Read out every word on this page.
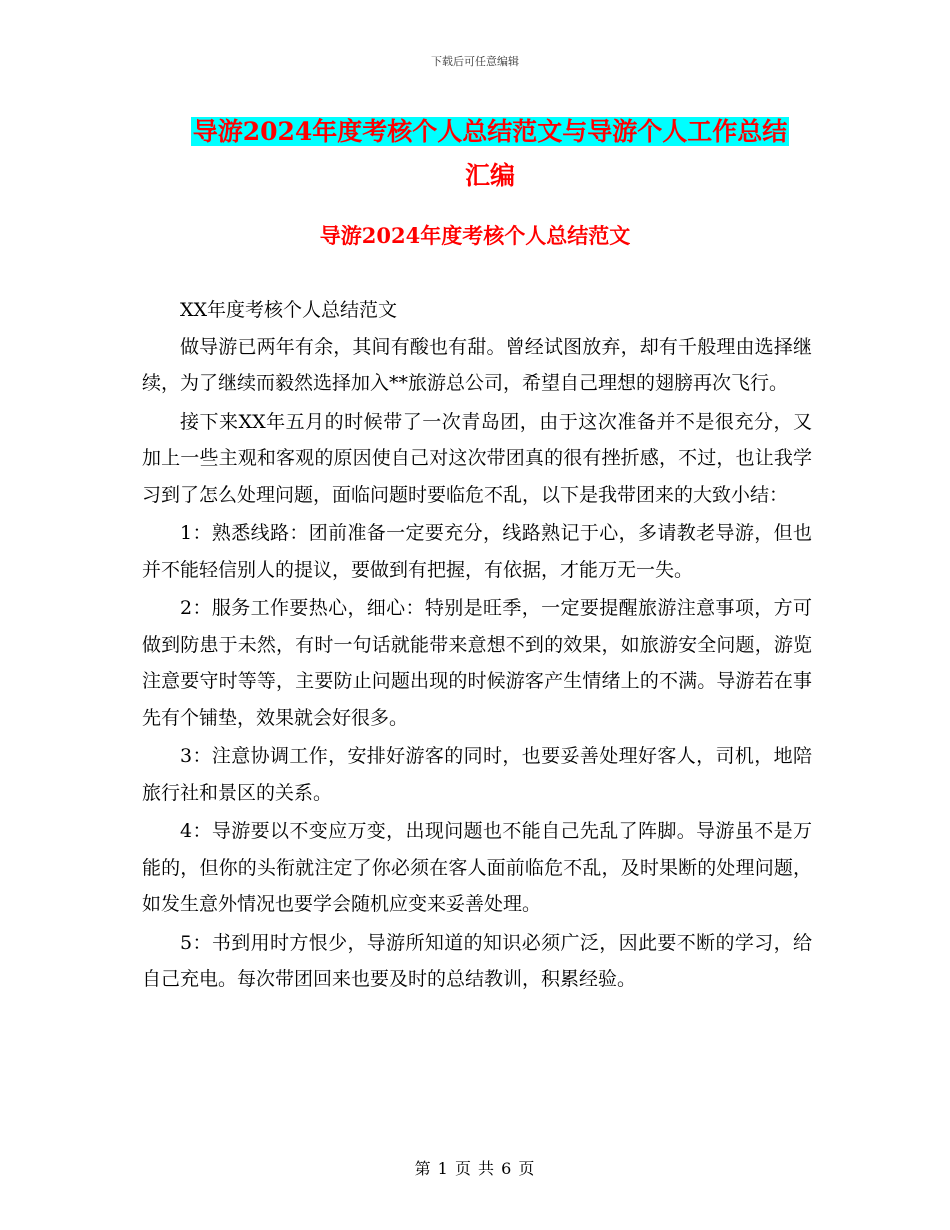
下载后可任意编辑
导游2024年度考核个人总结范文与导游个人工作总结
汇编
导游2024年度考核个人总结范文

XX年度考核个人总结范文

做导游已两年有余，其间有酸也有甜。曾经试图放弃，却有千般理由选择继续，为了继续而毅然选择加入**旅游总公司，希望自己理想的翅膀再次飞行。

接下来XX年五月的时候带了一次青岛团，由于这次准备并不是很充分，又加上一些主观和客观的原因使自己对这次带团真的很有挫折感，不过，也让我学习到了怎么处理问题，面临问题时要临危不乱，以下是我带团来的大致小结：

1：熟悉线路：团前准备一定要充分，线路熟记于心，多请教老导游，但也并不能轻信别人的提议，要做到有把握，有依据，才能万无一失。

2：服务工作要热心，细心：特别是旺季，一定要提醒旅游注意事项，方可做到防患于未然，有时一句话就能带来意想不到的效果，如旅游安全问题，游览注意要守时等等，主要防止问题出现的时候游客产生情绪上的不满。导游若在事先有个铺垫，效果就会好很多。

3：注意协调工作，安排好游客的同时，也要妥善处理好客人，司机，地陪旅行社和景区的关系。

4：导游要以不变应万变，出现问题也不能自己先乱了阵脚。导游虽不是万能的，但你的头衔就注定了你必须在客人面前临危不乱，及时果断的处理问题，如发生意外情况也要学会随机应变来妥善处理。

5：书到用时方恨少，导游所知道的知识必须广泛，因此要不断的学习，给自己充电。每次带团回来也要及时的总结教训，积累经验。

第 1 页 共 6 页
